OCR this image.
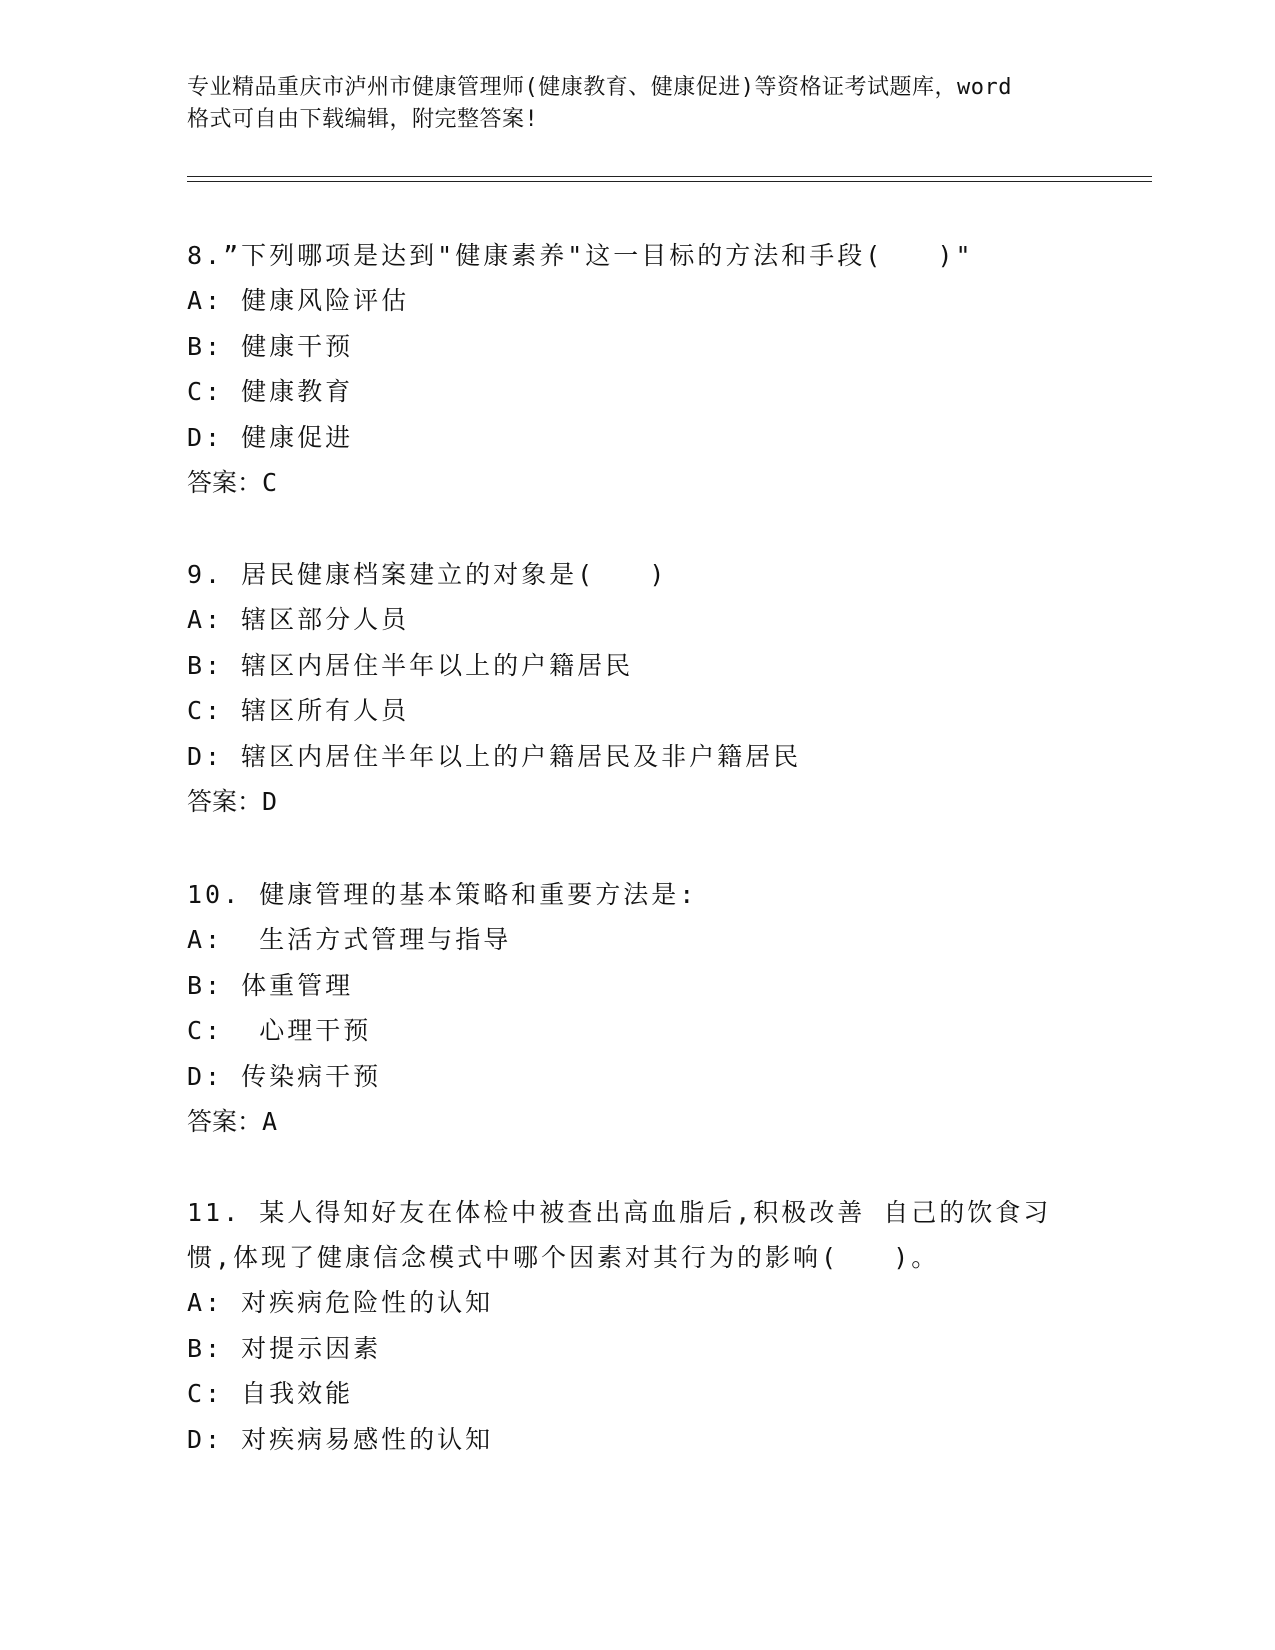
专业精品重庆市泸州市健康管理师(健康教育、健康促进)等资格证考试题库，word
格式可自由下载编辑，附完整答案!
8.”下列哪项是达到"健康素养"这一目标的方法和手段(   )"
A: 健康风险评估
B: 健康干预
C: 健康教育
D: 健康促进
答案：C
9. 居民健康档案建立的对象是(   )
A: 辖区部分人员
B: 辖区内居住半年以上的户籍居民
C: 辖区所有人员
D: 辖区内居住半年以上的户籍居民及非户籍居民
答案：D
10. 健康管理的基本策略和重要方法是:
A:  生活方式管理与指导
B: 体重管理
C:  心理干预
D: 传染病干预
答案：A
11. 某人得知好友在体检中被查出高血脂后,积极改善 自己的饮食习
惯,体现了健康信念模式中哪个因素对其行为的影响(   )。
A: 对疾病危险性的认知
B: 对提示因素
C: 自我效能
D: 对疾病易感性的认知
